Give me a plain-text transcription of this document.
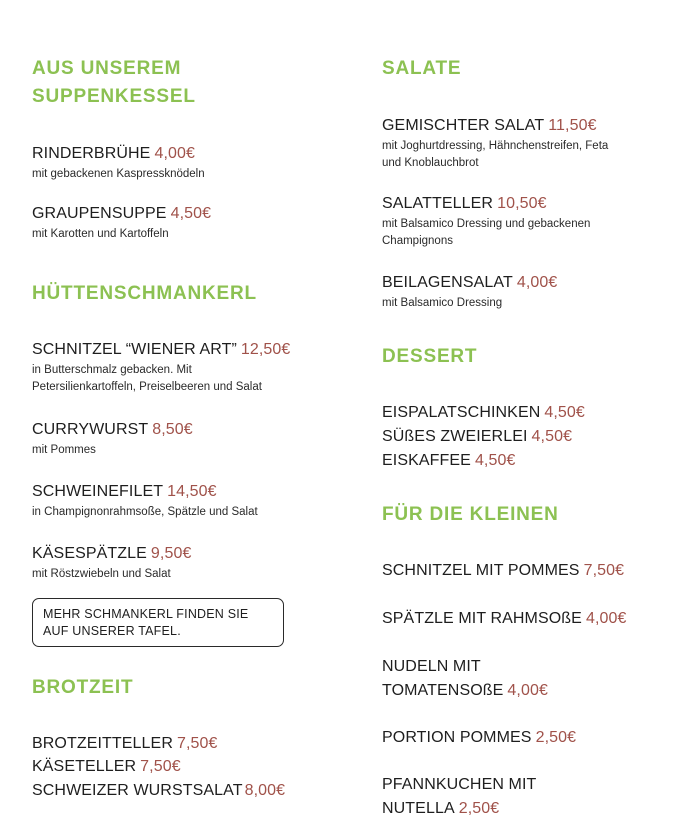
AUS UNSEREM
SUPPENKESSEL
RINDERBRÜHE 4,00€
mit gebackenen Kaspressknödeln
GRAUPENSUPPE 4,50€
mit Karotten und Kartoffeln
HÜTTENSCHMANKERL
SCHNITZEL “WIENER ART” 12,50€
in Butterschmalz gebacken. Mit
Petersilienkartoffeln, Preiselbeeren und Salat
CURRYWURST 8,50€
mit Pommes
SCHWEINEFILET 14,50€
in Champignonrahmsoße, Spätzle und Salat
KÄSESPÄTZLE 9,50€
mit Röstzwiebeln und Salat
MEHR SCHMANKERL FINDEN SIE
AUF UNSERER TAFEL.
BROTZEIT
BROTZEITTELLER 7,50€
KÄSETELLER 7,50€
SCHWEIZER WURSTSALAT 8,00€
SALATE
GEMISCHTER SALAT 11,50€
mit Joghurtdressing, Hähnchenstreifen, Feta
und Knoblauchbrot
SALATTELLER 10,50€
mit Balsamico Dressing und gebackenen
Champignons
BEILAGENSALAT 4,00€
mit Balsamico Dressing
DESSERT
EISPALATSCHINKEN 4,50€
SÜßES ZWEIERLEI 4,50€
EISKAFFEE 4,50€
FÜR DIE KLEINEN
SCHNITZEL MIT POMMES 7,50€
SPÄTZLE MIT RAHMSOßE 4,00€
NUDELN MIT
TOMATENSOßE 4,00€
PORTION POMMES 2,50€
PFANNKUCHEN MIT
NUTELLA 2,50€
